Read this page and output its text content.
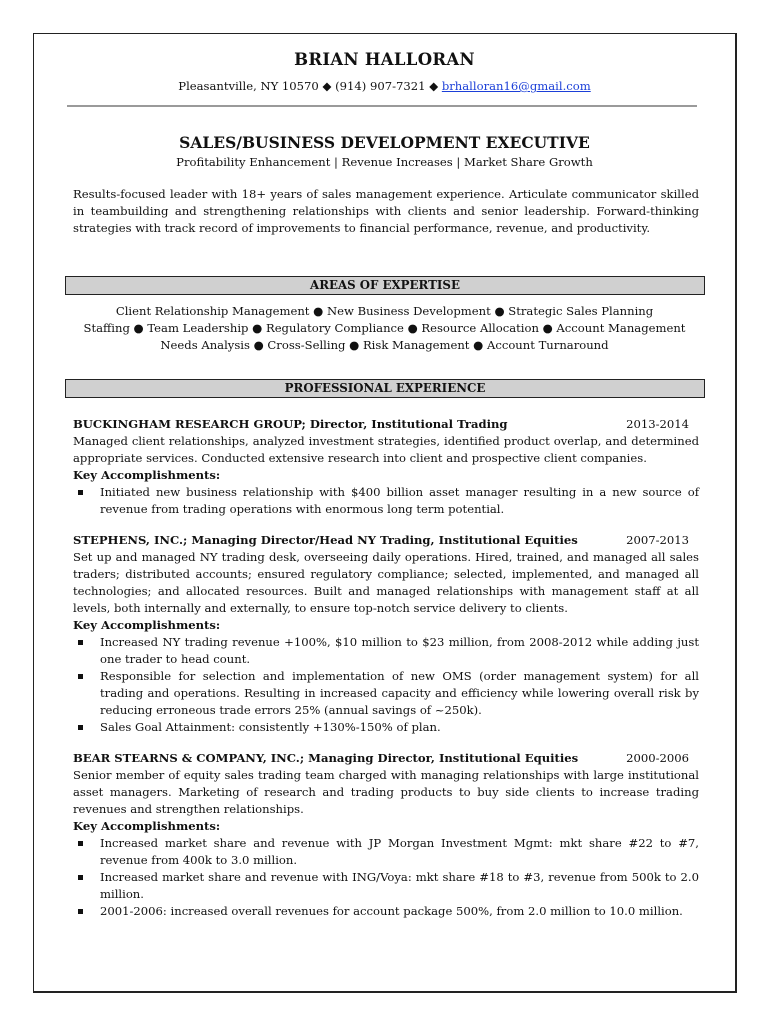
BRIAN HALLORAN
Pleasantville, NY 10570 ◆ (914) 907-7321 ◆ brhalloran16@gmail.com
SALES/BUSINESS DEVELOPMENT EXECUTIVE
Profitability Enhancement | Revenue Increases | Market Share Growth
Results-focused leader with 18+ years of sales management experience. Articulate communicator skilled in teambuilding and strengthening relationships with clients and senior leadership. Forward-thinking strategies with track record of improvements to financial performance, revenue, and productivity.
AREAS OF EXPERTISE
Client Relationship Management ● New Business Development ● Strategic Sales Planning
Staffing ● Team Leadership ● Regulatory Compliance ● Resource Allocation ● Account Management
Needs Analysis ● Cross-Selling ● Risk Management ● Account Turnaround
PROFESSIONAL EXPERIENCE
BUCKINGHAM RESEARCH GROUP; Director, Institutional Trading	2013-2014
Managed client relationships, analyzed investment strategies, identified product overlap, and determined appropriate services. Conducted extensive research into client and prospective client companies.
Key Accomplishments:
Initiated new business relationship with $400 billion asset manager resulting in a new source of revenue from trading operations with enormous long term potential.
STEPHENS, INC.; Managing Director/Head NY Trading, Institutional Equities	2007-2013
Set up and managed NY trading desk, overseeing daily operations. Hired, trained, and managed all sales traders; distributed accounts; ensured regulatory compliance; selected, implemented, and managed all technologies; and allocated resources. Built and managed relationships with management staff at all levels, both internally and externally, to ensure top-notch service delivery to clients.
Key Accomplishments:
Increased NY trading revenue +100%, $10 million to $23 million, from 2008-2012 while adding just one trader to head count.
Responsible for selection and implementation of new OMS (order management system) for all trading and operations. Resulting in increased capacity and efficiency while lowering overall risk by reducing erroneous trade errors 25% (annual savings of ~250k).
Sales Goal Attainment: consistently +130%-150% of plan.
BEAR STEARNS & COMPANY, INC.; Managing Director, Institutional Equities	2000-2006
Senior member of equity sales trading team charged with managing relationships with large institutional asset managers. Marketing of research and trading products to buy side clients to increase trading revenues and strengthen relationships.
Key Accomplishments:
Increased market share and revenue with JP Morgan Investment Mgmt: mkt share #22 to #7, revenue from 400k to 3.0 million.
Increased market share and revenue with ING/Voya: mkt share #18 to #3, revenue from 500k to 2.0 million.
2001-2006: increased overall revenues for account package 500%, from 2.0 million to 10.0 million.
